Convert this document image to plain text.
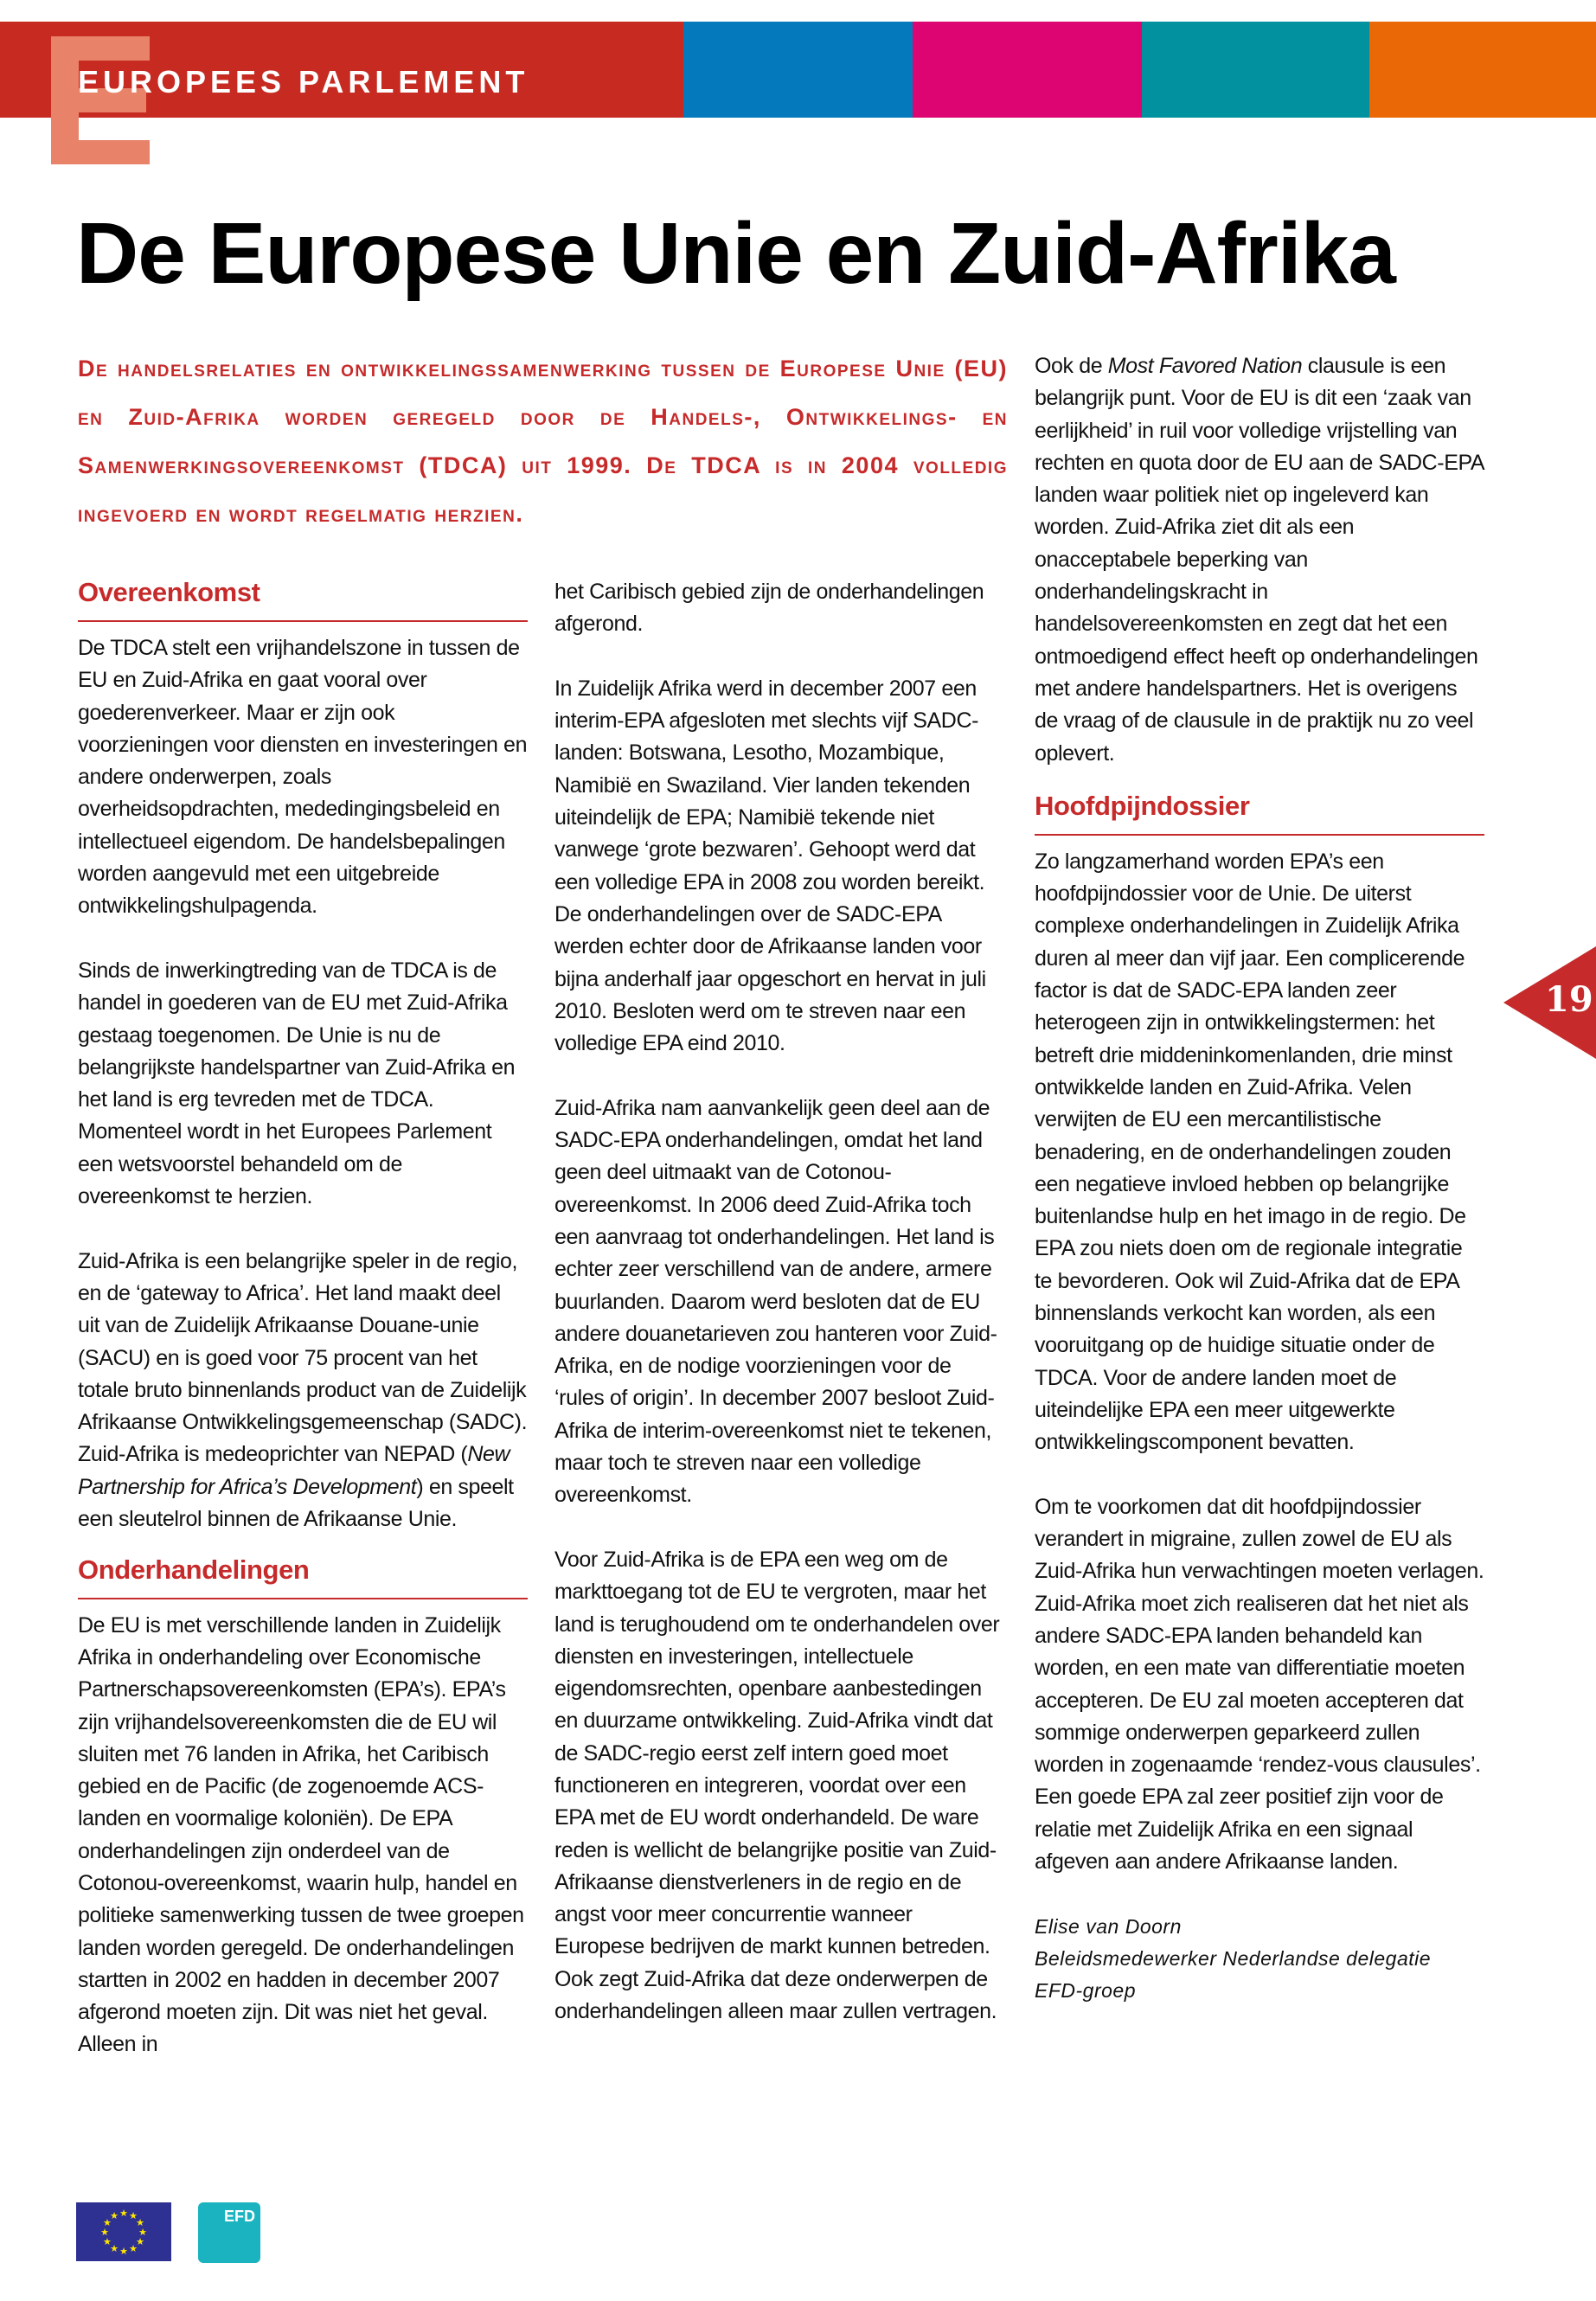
EUROPEES PARLEMENT
De Europese Unie en Zuid-Afrika
De handelsrelaties en ontwikkelingssamenwerking tussen de Europese Unie (EU) en Zuid-Afrika worden geregeld door de Handels-, Ontwikkelings- en Samenwerkingsovereenkomst (TDCA) uit 1999. De TDCA is in 2004 volledig ingevoerd en wordt regelmatig herzien.
Overeenkomst

De TDCA stelt een vrijhandelszone in tussen de EU en Zuid-Afrika en gaat vooral over goederenverkeer. Maar er zijn ook voorzieningen voor diensten en investeringen en andere onderwerpen, zoals overheidsopdrachten, mededingingsbeleid en intellectueel eigendom. De handelsbepalingen worden aangevuld met een uitgebreide ontwikkelingshulpagenda.

Sinds de inwerkingtreding van de TDCA is de handel in goederen van de EU met Zuid-Afrika gestaag toegenomen. De Unie is nu de belangrijkste handelspartner van Zuid-Afrika en het land is erg tevreden met de TDCA. Momenteel wordt in het Europees Parlement een wetsvoorstel behandeld om de overeenkomst te herzien.

Zuid-Afrika is een belangrijke speler in de regio, en de ‘gateway to Africa’. Het land maakt deel uit van de Zuidelijk Afrikaanse Douane-unie (SACU) en is goed voor 75 procent van het totale bruto binnenlands product van de Zuidelijk Afrikaanse Ontwikkelingsgemeenschap (SADC). Zuid-Afrika is medeoprichter van NEPAD (New Partnership for Africa’s Development) en speelt een sleutelrol binnen de Afrikaanse Unie.

Onderhandelingen

De EU is met verschillende landen in Zuidelijk Afrika in onderhandeling over Economische Partnerschapsovereenkomsten (EPA’s). EPA’s zijn vrijhandelsovereenkomsten die de EU wil sluiten met 76 landen in Afrika, het Caribisch gebied en de Pacific (de zogenoemde ACS-landen en voormalige koloniën). De EPA onderhandelingen zijn onderdeel van de Cotonou-overeenkomst, waarin hulp, handel en politieke samenwerking tussen de twee groepen landen worden geregeld. De onderhandelingen startten in 2002 en hadden in december 2007 afgerond moeten zijn. Dit was niet het geval. Alleen in

het Caribisch gebied zijn de onderhandelingen afgerond.

In Zuidelijk Afrika werd in december 2007 een interim-EPA afgesloten met slechts vijf SADC-landen: Botswana, Lesotho, Mozambique, Namibië en Swaziland. Vier landen tekenden uiteindelijk de EPA; Namibië tekende niet vanwege ‘grote bezwaren’. Gehoopt werd dat een volledige EPA in 2008 zou worden bereikt. De onderhandelingen over de SADC-EPA werden echter door de Afrikaanse landen voor bijna anderhalf jaar opgeschort en hervat in juli 2010. Besloten werd om te streven naar een volledige EPA eind 2010.

Zuid-Afrika nam aanvankelijk geen deel aan de SADC-EPA onderhandelingen, omdat het land geen deel uitmaakt van de Cotonou-overeenkomst. In 2006 deed Zuid-Afrika toch een aanvraag tot onderhandelingen. Het land is echter zeer verschillend van de andere, armere buurlanden. Daarom werd besloten dat de EU andere douanetarieven zou hanteren voor Zuid-Afrika, en de nodige voorzieningen voor de ‘rules of origin’. In december 2007 besloot Zuid-Afrika de interim-overeenkomst niet te tekenen, maar toch te streven naar een volledige overeenkomst.

Voor Zuid-Afrika is de EPA een weg om de markttoegang tot de EU te vergroten, maar het land is terughoudend om te onderhandelen over diensten en investeringen, intellectuele eigendomsrechten, openbare aanbestedingen en duurzame ontwikkeling. Zuid-Afrika vindt dat de SADC-regio eerst zelf intern goed moet functioneren en integreren, voordat over een EPA met de EU wordt onderhandeld. De ware reden is wellicht de belangrijke positie van Zuid-Afrikaanse dienstverleners in de regio en de angst voor meer concurrentie wanneer Europese bedrijven de markt kunnen betreden. Ook zegt Zuid-Afrika dat deze onderwerpen de onderhandelingen alleen maar zullen vertragen.

Ook de Most Favored Nation clausule is een belangrijk punt. Voor de EU is dit een ‘zaak van eerlijkheid’ in ruil voor volledige vrijstelling van rechten en quota door de EU aan de SADC-EPA landen waar politiek niet op ingeleverd kan worden. Zuid-Afrika ziet dit als een onacceptabele beperking van onderhandelingskracht in handelsovereenkomsten en zegt dat het een ontmoedigend effect heeft op onderhandelingen met andere handelspartners. Het is overigens de vraag of de clausule in de praktijk nu zo veel oplevert.

Hoofdpijndossier

Zo langzamerhand worden EPA’s een hoofdpijndossier voor de Unie. De uiterst complexe onderhandelingen in Zuidelijk Afrika duren al meer dan vijf jaar. Een complicerende factor is dat de SADC-EPA landen zeer heterogeen zijn in ontwikkelingstermen: het betreft drie middeninkomenlanden, drie minst ontwikkelde landen en Zuid-Afrika. Velen verwijten de EU een mercantilistische benadering, en de onderhandelingen zouden een negatieve invloed hebben op belangrijke buitenlandse hulp en het imago in de regio. De EPA zou niets doen om de regionale integratie te bevorderen. Ook wil Zuid-Afrika dat de EPA binnenslands verkocht kan worden, als een vooruitgang op de huidige situatie onder de TDCA. Voor de andere landen moet de uiteindelijke EPA een meer uitgewerkte ontwikkelingscomponent bevatten.

Om te voorkomen dat dit hoofdpijndossier verandert in migraine, zullen zowel de EU als Zuid-Afrika hun verwachtingen moeten verlagen. Zuid-Afrika moet zich realiseren dat het niet als andere SADC-EPA landen behandeld kan worden, en een mate van differentiatie moeten accepteren. De EU zal moeten accepteren dat sommige onderwerpen geparkeerd zullen worden in zogenaamde ‘rendez-vous clausules’. Een goede EPA zal zeer positief zijn voor de relatie met Zuidelijk Afrika en een signaal afgeven aan andere Afrikaanse landen.

Elise van Doorn
Beleidsmedewerker Nederlandse delegatie
EFD-groep
19
★
★
★
★
★
★
★
★
★ ★ ★
★	EFD
